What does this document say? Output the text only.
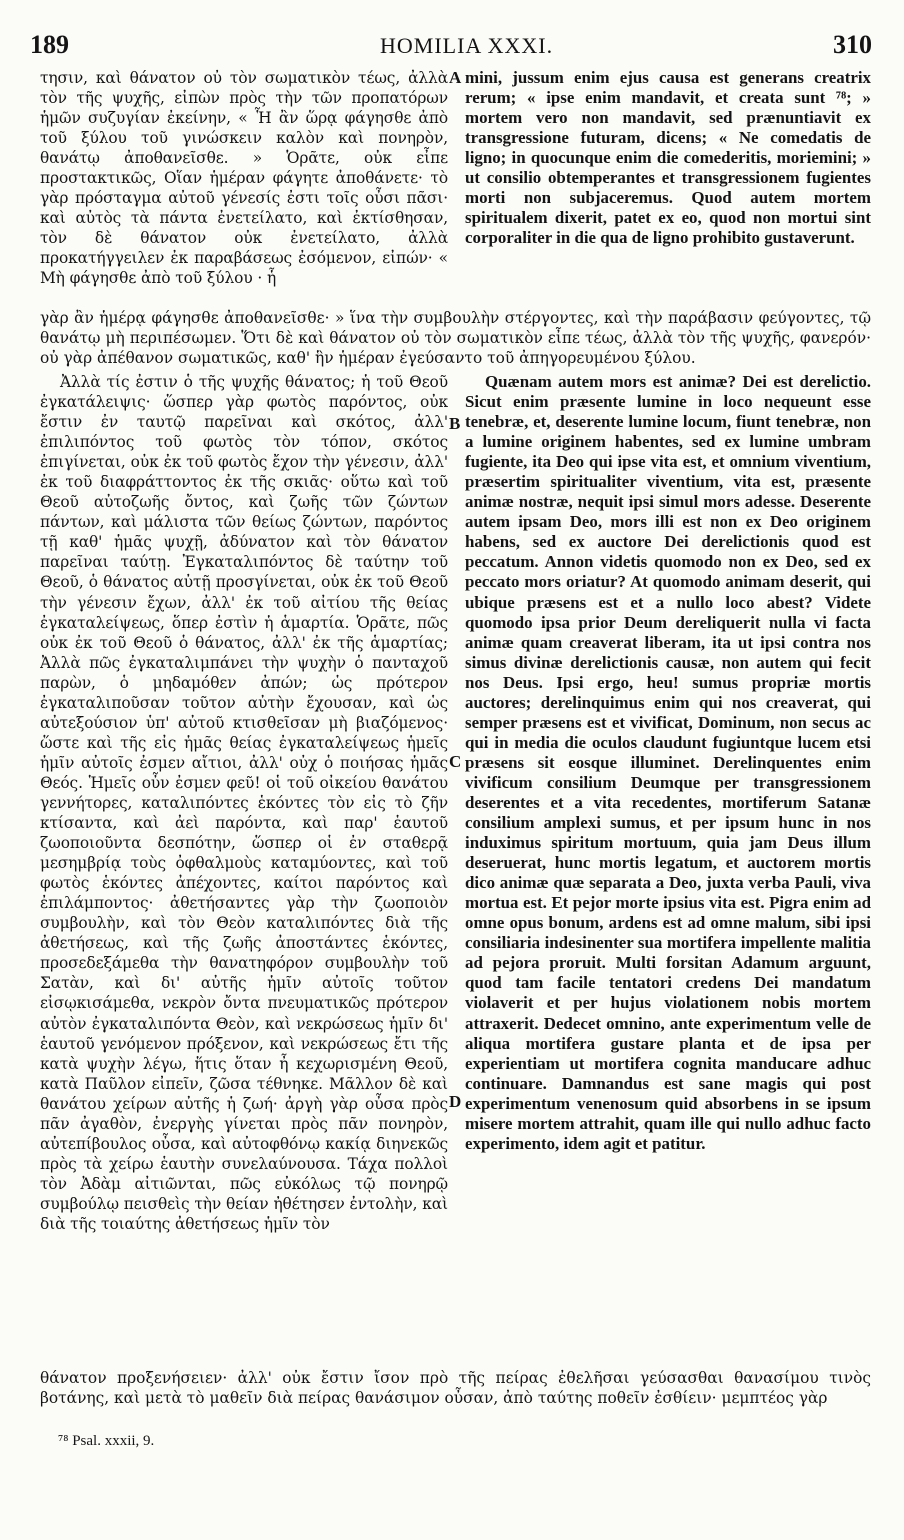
189	HOMILIA XXXI.	310

τησιν, καὶ θάνατον οὐ τὸν σωματικὸν τέως, ἀλλὰ τὸν τῆς ψυχῆς, εἰπὼν πρὸς τὴν τῶν προπατόρων ἡμῶν συζυγίαν ἐκείνην, « Ἧ ἂν ὥρᾳ φάγησθε ἀπὸ τοῦ ξύλου τοῦ γινώσκειν καλὸν καὶ πονηρὸν, θανάτῳ ἀποθανεῖσθε. » Ὁρᾶτε, οὐκ εἶπε προστακτικῶς, Οἵαν ἡμέραν φάγητε ἀποθάνετε· τὸ γὰρ πρόσταγμα αὐτοῦ γένεσίς ἐστι τοῖς οὖσι πᾶσι· καὶ αὐτὸς τὰ πάντα ἐνετείλατο, καὶ ἐκτίσθησαν, τὸν δὲ θάνατον οὐκ ἐνετείλατο, ἀλλὰ προκατήγγειλεν ἐκ παραβάσεως ἐσόμενον, εἰπών· « Μὴ φάγησθε ἀπὸ τοῦ ξύλου · ἧ

mini, jussum enim ejus causa est generans creatrix rerum; « ipse enim mandavit, et creata sunt ⁷⁸; » mortem vero non mandavit, sed prænuntiavit ex transgressione futuram, dicens; « Ne comedatis de ligno; in quocunque enim die comederitis, moriemini; » ut consilio obtemperantes et transgressionem fugientes morti non subjaceremus. Quod autem mortem spiritualem dixerit, patet ex eo, quod non mortui sint corporaliter in die qua de ligno prohibito gustaverunt.

γὰρ ἂν ἡμέρᾳ φάγησθε ἀποθανεῖσθε· » ἵνα τὴν συμβουλὴν στέργοντες, καὶ τὴν παράβασιν φεύγοντες, τῷ θανάτῳ μὴ περιπέσωμεν. Ὅτι δὲ καὶ θάνατον οὐ τὸν σωματικὸν εἶπε τέως, ἀλλὰ τὸν τῆς ψυχῆς, φανερόν· οὐ γὰρ ἀπέθανον σωματικῶς, καθ' ἣν ἡμέραν ἐγεύσαντο τοῦ ἀπηγορευμένου ξύλου.

Ἀλλὰ τίς ἐστιν ὁ τῆς ψυχῆς θάνατος; ἡ τοῦ Θεοῦ ἐγκατάλειψις· ὥσπερ γὰρ φωτὸς παρόντος, οὐκ ἔστιν ἐν ταυτῷ παρεῖναι καὶ σκότος, ἀλλ' ἐπιλιπόντος τοῦ φωτὸς τὸν τόπον, σκότος ἐπιγίνεται, οὐκ ἐκ τοῦ φωτὸς ἔχον τὴν γένεσιν, ἀλλ' ἐκ τοῦ διαφράττοντος ἐκ τῆς σκιᾶς· οὕτω καὶ τοῦ Θεοῦ αὐτοζωῆς ὄντος, καὶ ζωῆς τῶν ζώντων πάντων, καὶ μάλιστα τῶν θείως ζώντων, παρόντος τῇ καθ' ἡμᾶς ψυχῇ, ἀδύνατον καὶ τὸν θάνατον παρεῖναι ταύτῃ. Ἐγκαταλιπόντος δὲ ταύτην τοῦ Θεοῦ, ὁ θάνατος αὐτῇ προσγίνεται, οὐκ ἐκ τοῦ Θεοῦ τὴν γένεσιν ἔχων, ἀλλ' ἐκ τοῦ αἰτίου τῆς θείας ἐγκαταλείψεως, ὅπερ ἐστὶν ἡ ἁμαρτία. Ὁρᾶτε, πῶς οὐκ ἐκ τοῦ Θεοῦ ὁ θάνατος, ἀλλ' ἐκ τῆς ἁμαρτίας; Ἀλλὰ πῶς ἐγκαταλιμπάνει τὴν ψυχὴν ὁ πανταχοῦ παρὼν, ὁ μηδαμόθεν ἀπών; ὡς πρότερον ἐγκαταλιποῦσαν τοῦτον αὐτὴν ἔχουσαν, καὶ ὡς αὐτεξούσιον ὑπ' αὐτοῦ κτισθεῖσαν μὴ βιαζόμενος· ὥστε καὶ τῆς εἰς ἡμᾶς θείας ἐγκαταλείψεως ἡμεῖς ἡμῖν αὐτοῖς ἐσμεν αἴτιοι, ἀλλ' οὐχ ὁ ποιήσας ἡμᾶς Θεός. Ἡμεῖς οὖν ἐσμεν φεῦ! οἱ τοῦ οἰκείου θανάτου γεννήτορες, καταλιπόντες ἑκόντες τὸν εἰς τὸ ζῆν κτίσαντα, καὶ ἀεὶ παρόντα, καὶ παρ' ἑαυτοῦ ζωοποιοῦντα δεσπότην, ὥσπερ οἱ ἐν σταθερᾷ μεσημβρίᾳ τοὺς ὀφθαλμοὺς καταμύοντες, καὶ τοῦ φωτὸς ἑκόντες ἀπέχοντες, καίτοι παρόντος καὶ ἐπιλάμποντος· ἀθετήσαντες γὰρ τὴν ζωοποιὸν συμβουλὴν, καὶ τὸν Θεὸν καταλιπόντες διὰ τῆς ἀθετήσεως, καὶ τῆς ζωῆς ἀποστάντες ἑκόντες, προσεδεξάμεθα τὴν θανατηφόρον συμβουλὴν τοῦ Σατὰν, καὶ δι' αὐτῆς ἡμῖν αὐτοῖς τοῦτον εἰσῳκισάμεθα, νεκρὸν ὄντα πνευματικῶς πρότερον αὐτὸν ἐγκαταλιπόντα Θεὸν, καὶ νεκρώσεως ἡμῖν δι' ἑαυτοῦ γενόμενον πρόξενον, καὶ νεκρώσεως ἔτι τῆς κατὰ ψυχὴν λέγω, ἥτις ὅταν ἦ κεχωρισμένη Θεοῦ, κατὰ Παῦλον εἰπεῖν, ζῶσα τέθνηκε. Μᾶλλον δὲ καὶ θανάτου χείρων αὐτῆς ἡ ζωή· ἀργὴ γὰρ οὖσα πρὸς πᾶν ἀγαθὸν, ἐνεργὴς γίνεται πρὸς πᾶν πονηρὸν, αὐτεπίβουλος οὖσα, καὶ αὐτοφθόνῳ κακίᾳ διηνεκῶς πρὸς τὰ χείρω ἑαυτὴν συνελαύνουσα. Τάχα πολλοὶ τὸν Ἀδὰμ αἰτιῶνται, πῶς εὐκόλως τῷ πονηρῷ συμβούλῳ πεισθεὶς τὴν θείαν ἠθέτησεν ἐντολὴν, καὶ διὰ τῆς τοιαύτης ἀθετήσεως ἡμῖν τὸν

Quænam autem mors est animæ? Dei est derelictio. Sicut enim præsente lumine in loco nequeunt esse tenebræ, et, deserente lumine locum, fiunt tenebræ, non a lumine originem habentes, sed ex lumine umbram fugiente, ita Deo qui ipse vita est, et omnium viventium, præsertim spiritualiter viventium, vita est, præsente animæ nostræ, nequit ipsi simul mors adesse. Deserente autem ipsam Deo, mors illi est non ex Deo originem habens, sed ex auctore Dei derelictionis quod est peccatum. Annon videtis quomodo non ex Deo, sed ex peccato mors oriatur? At quomodo animam deserit, qui ubique præsens est et a nullo loco abest? Videte quomodo ipsa prior Deum dereliquerit nulla vi facta animæ quam creaverat liberam, ita ut ipsi contra nos simus divinæ derelictionis causæ, non autem qui fecit nos Deus. Ipsi ergo, heu! sumus propriæ mortis auctores; derelinquimus enim qui nos creaverat, qui semper præsens est et vivificat, Dominum, non secus ac qui in media die oculos claudunt fugiuntque lucem etsi præsens sit eosque illuminet. Derelinquentes enim vivificum consilium Deumque per transgressionem deserentes et a vita recedentes, mortiferum Satanæ consilium amplexi sumus, et per ipsum hunc in nos induximus spiritum mortuum, quia jam Deus illum deseruerat, hunc mortis legatum, et auctorem mortis dico animæ quæ separata a Deo, juxta verba Pauli, viva mortua est. Et pejor morte ipsius vita est. Pigra enim ad omne opus bonum, ardens est ad omne malum, sibi ipsi consiliaria indesinenter sua mortifera impellente malitia ad pejora proruit. Multi forsitan Adamum arguunt, quod tam facile tentatori credens Dei mandatum violaverit et per hujus violationem nobis mortem attraxerit. Dedecet omnino, ante experimentum velle de aliqua mortifera gustare planta et de ipsa per experientiam ut mortifera cognita manducare adhuc continuare. Damnandus est sane magis qui post experimentum venenosum quid absorbens in se ipsum misere mortem attrahit, quam ille qui nullo adhuc facto experimento, idem agit et patitur.

θάνατον προξενήσειεν· ἀλλ' οὐκ ἔστιν ἴσον πρὸ τῆς πείρας ἐθελῆσαι γεύσασθαι θανασίμου τινὸς βοτάνης, καὶ μετὰ τὸ μαθεῖν διὰ πείρας θανάσιμον οὖσαν, ἀπὸ ταύτης ποθεῖν ἐσθίειν· μεμπτέος γὰρ

A
B
C
D
⁷⁸ Psal. xxxii, 9.
